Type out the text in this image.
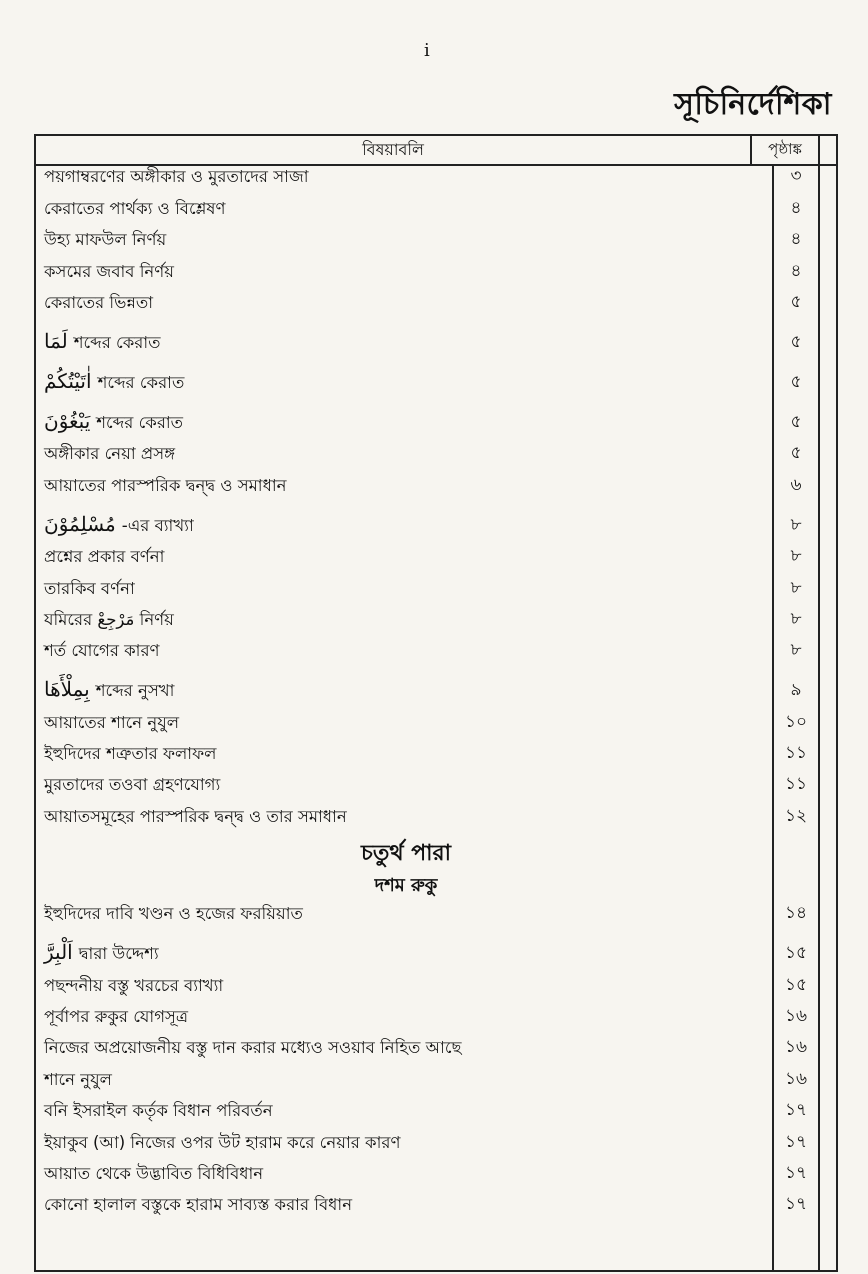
i
সূচিনির্দেশিকা
বিষয়াবলি	পৃষ্ঠাঙ্ক
পয়গাম্বরণের অঙ্গীকার ও মুরতাদের সাজা	৩
কেরাতের পার্থক্য ও বিশ্লেষণ	৪
উহ্য মাফউল নির্ণয়	৪
কসমের জবাব নির্ণয়	৪
কেরাতের ভিন্নতা	৫
لَمَا শব্দের কেরাত	৫
اٰتَيْتُكُمْ শব্দের কেরাত	৫
يَبْغُوْنَ শব্দের কেরাত	৫
অঙ্গীকার নেয়া প্রসঙ্গ	৫
আয়াতের পারস্পরিক দ্বন্দ্ব ও সমাধান	৬
مُسْلِمُوْنَ -এর ব্যাখ্যা	৮
প্রশ্নের প্রকার বর্ণনা	৮
তারকিব বর্ণনা	৮
যমিরের مَرْجِعْ নির্ণয়	৮
শর্ত যোগের কারণ	৮
بِمِلْأَهَا শব্দের নুসখা	৯
আয়াতের শানে নুযুল	১০
ইহুদিদের শত্রুতার ফলাফল	১১
মুরতাদের তওবা গ্রহণযোগ্য	১১
আয়াতসমূহের পারস্পরিক দ্বন্দ্ব ও তার সমাধান	১২
চতুর্থ পারা
দশম রুকু
ইহুদিদের দাবি খণ্ডন ও হজের ফরয়িয়াত	১৪
اَلْبِرَّ দ্বারা উদ্দেশ্য	১৫
পছন্দনীয় বস্তু খরচের ব্যাখ্যা	১৫
পূর্বাপর রুকুর যোগসূত্র	১৬
নিজের অপ্রয়োজনীয় বস্তু দান করার মধ্যেও সওয়াব নিহিত আছে	১৬
শানে নুযুল	১৬
বনি ইসরাইল কর্তৃক বিধান পরিবর্তন	১৭
ইয়াকুব (আ) নিজের ওপর উট হারাম করে নেয়ার কারণ	১৭
আয়াত থেকে উদ্ভাবিত বিধিবিধান	১৭
কোনো হালাল বস্তুকে হারাম সাব্যস্ত করার বিধান	১৭
